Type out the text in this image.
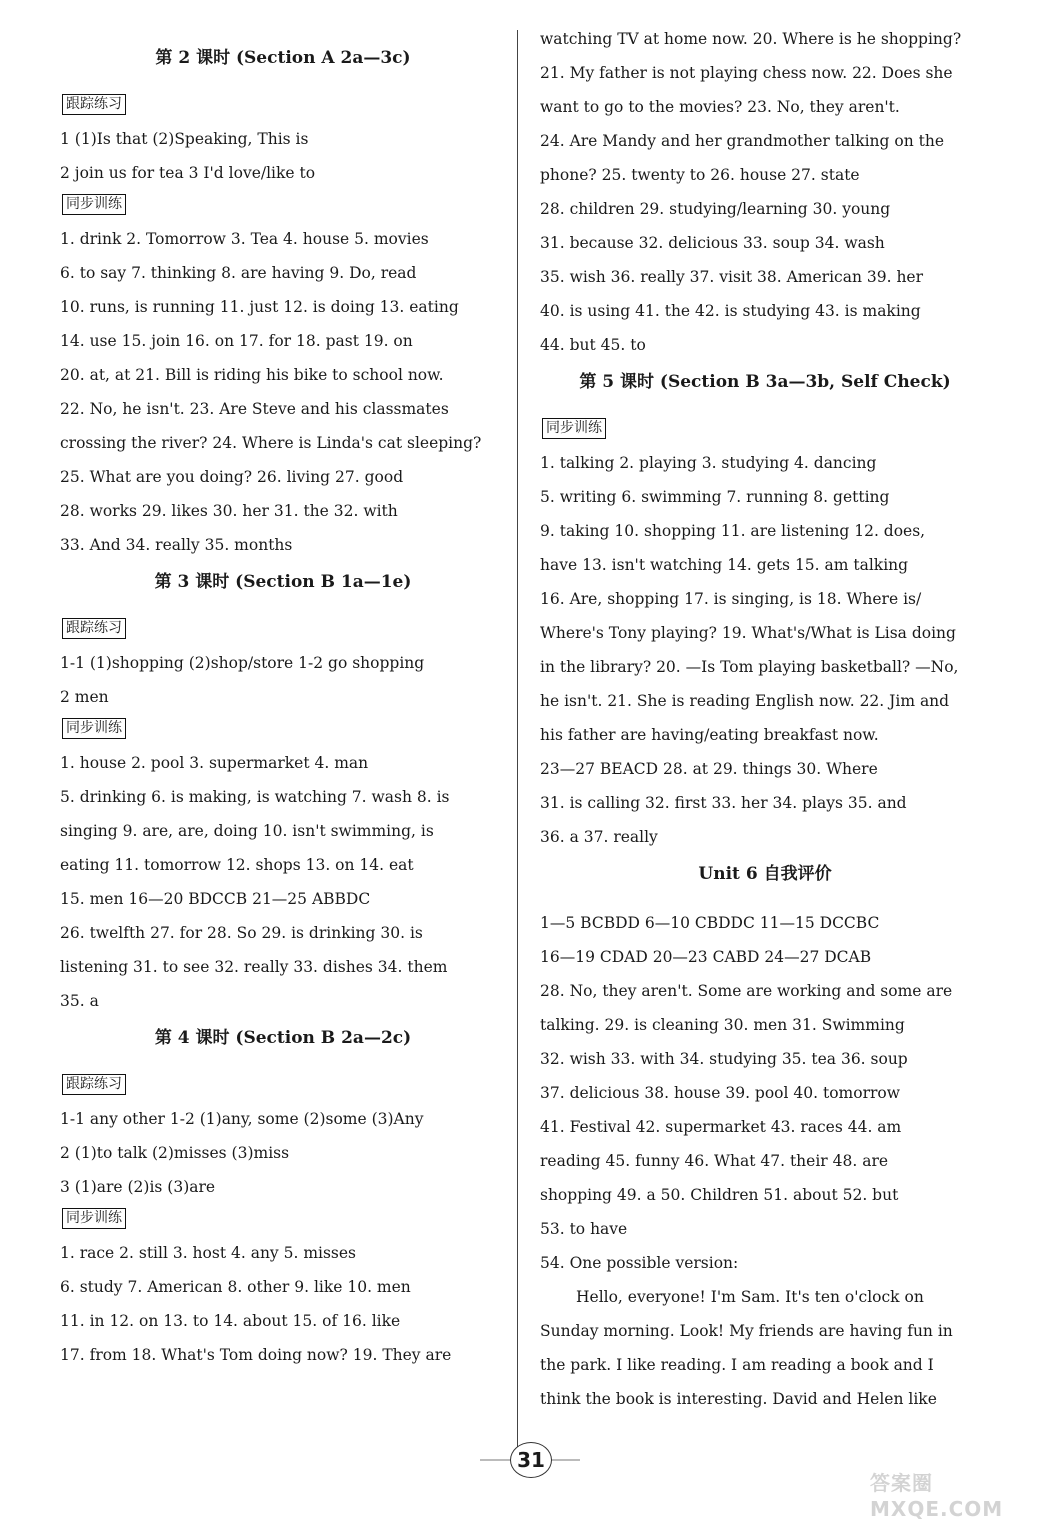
第 2 课时 (Section A 2a—3c)
跟踪练习
1 (1)Is that (2)Speaking, This is
2 join us for tea 3 I'd love/like to
同步训练
1. drink 2. Tomorrow 3. Tea 4. house 5. movies
6. to say 7. thinking 8. are having 9. Do, read
10. runs, is running 11. just 12. is doing 13. eating
14. use 15. join 16. on 17. for 18. past 19. on
20. at, at 21. Bill is riding his bike to school now.
22. No, he isn't. 23. Are Steve and his classmates
crossing the river? 24. Where is Linda's cat sleeping?
25. What are you doing? 26. living 27. good
28. works 29. likes 30. her 31. the 32. with
33. And 34. really 35. months
第 3 课时 (Section B 1a—1e)
跟踪练习
1-1 (1)shopping (2)shop/store 1-2 go shopping
2 men
同步训练
1. house 2. pool 3. supermarket 4. man
5. drinking 6. is making, is watching 7. wash 8. is
singing 9. are, are, doing 10. isn't swimming, is
eating 11. tomorrow 12. shops 13. on 14. eat
15. men 16—20 BDCCB 21—25 ABBDC
26. twelfth 27. for 28. So 29. is drinking 30. is
listening 31. to see 32. really 33. dishes 34. them
35. a
第 4 课时 (Section B 2a—2c)
跟踪练习
1-1 any other 1-2 (1)any, some (2)some (3)Any
2 (1)to talk (2)misses (3)miss
3 (1)are (2)is (3)are
同步训练
1. race 2. still 3. host 4. any 5. misses
6. study 7. American 8. other 9. like 10. men
11. in 12. on 13. to 14. about 15. of 16. like
17. from 18. What's Tom doing now? 19. They are
watching TV at home now. 20. Where is he shopping?
21. My father is not playing chess now. 22. Does she
want to go to the movies? 23. No, they aren't.
24. Are Mandy and her grandmother talking on the
phone? 25. twenty to 26. house 27. state
28. children 29. studying/learning 30. young
31. because 32. delicious 33. soup 34. wash
35. wish 36. really 37. visit 38. American 39. her
40. is using 41. the 42. is studying 43. is making
44. but 45. to
第 5 课时 (Section B 3a—3b, Self Check)
同步训练
1. talking 2. playing 3. studying 4. dancing
5. writing 6. swimming 7. running 8. getting
9. taking 10. shopping 11. are listening 12. does,
have 13. isn't watching 14. gets 15. am talking
16. Are, shopping 17. is singing, is 18. Where is/
Where's Tony playing? 19. What's/What is Lisa doing
in the library? 20. —Is Tom playing basketball? —No,
he isn't. 21. She is reading English now. 22. Jim and
his father are having/eating breakfast now.
23—27 BEACD 28. at 29. things 30. Where
31. is calling 32. first 33. her 34. plays 35. and
36. a 37. really
Unit 6 自我评价
1—5 BCBDD 6—10 CBDDC 11—15 DCCBC
16—19 CDAD 20—23 CABD 24—27 DCAB
28. No, they aren't. Some are working and some are
talking. 29. is cleaning 30. men 31. Swimming
32. wish 33. with 34. studying 35. tea 36. soup
37. delicious 38. house 39. pool 40. tomorrow
41. Festival 42. supermarket 43. races 44. am
reading 45. funny 46. What 47. their 48. are
shopping 49. a 50. Children 51. about 52. but
53. to have
54. One possible version:
Hello, everyone! I'm Sam. It's ten o'clock on
Sunday morning. Look! My friends are having fun in
the park. I like reading. I am reading a book and I
think the book is interesting. David and Helen like
31
答案圈 MXQE.COM
